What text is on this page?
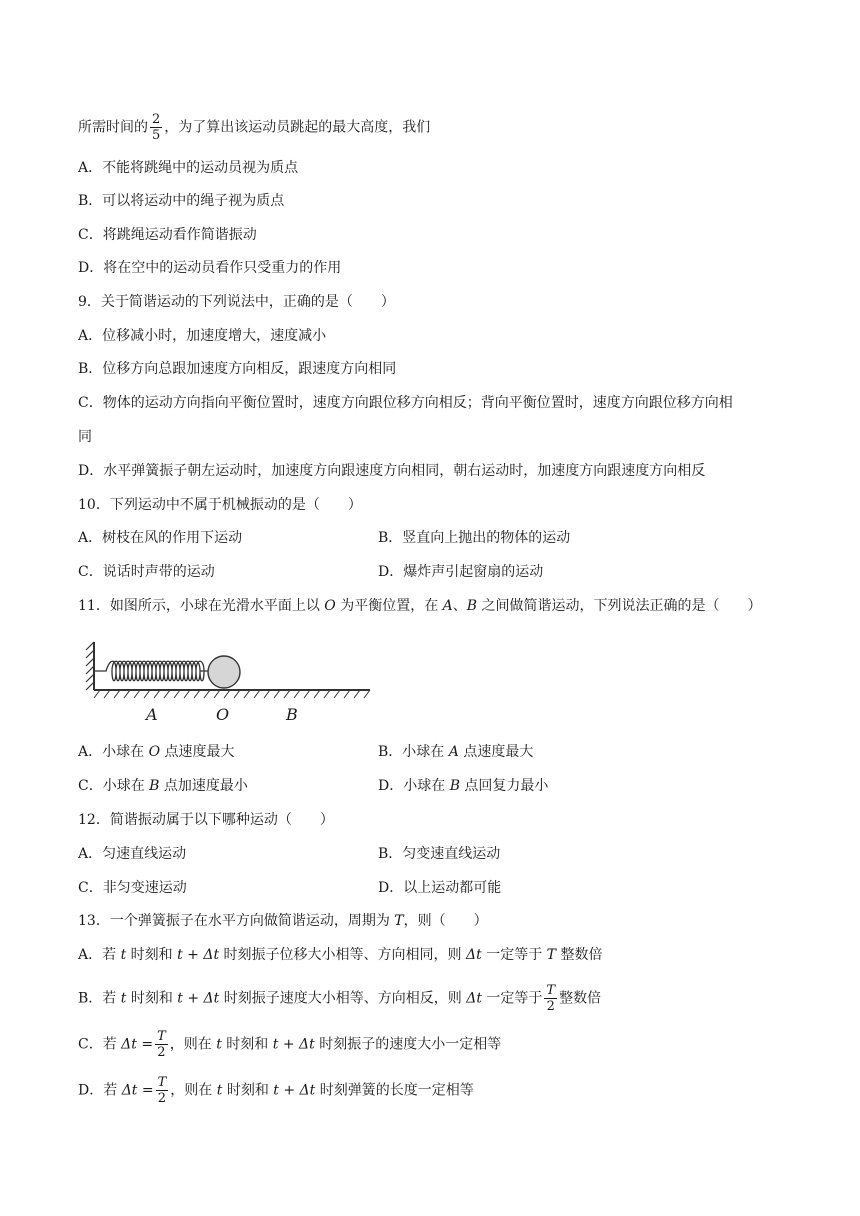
所需时间的 $\frac{2}{5}$ ，为了算出该运动员跳起的最大高度，我们
A．不能将跳绳中的运动员视为质点
B．可以将运动中的绳子视为质点
C．将跳绳运动看作简谐振动
D．将在空中的运动员看作只受重力的作用
9．关于简谐运动的下列说法中，正确的是（　　）
A．位移减小时，加速度增大，速度减小
B．位移方向总跟加速度方向相反，跟速度方向相同
C．物体的运动方向指向平衡位置时，速度方向跟位移方向相反；背向平衡位置时，速度方向跟位移方向相
同
D．水平弹簧振子朝左运动时，加速度方向跟速度方向相同，朝右运动时，加速度方向跟速度方向相反
10．下列运动中不属于机械振动的是（　　）
A．树枝在风的作用下运动	B．竖直向上抛出的物体的运动
C．说话时声带的运动	D．爆炸声引起窗扇的运动
11．如图所示，小球在光滑水平面上以 O 为平衡位置，在 A、B 之间做简谐运动，下列说法正确的是（　　）
A	O	B
A．小球在 O 点速度最大	B．小球在 A 点速度最大
C．小球在 B 点加速度最小	D．小球在 B 点回复力最小
12．简谐振动属于以下哪种运动（　　）
A．匀速直线运动	B．匀变速直线运动
C．非匀变速运动	D．以上运动都可能
13．一个弹簧振子在水平方向做简谐运动，周期为 T，则（　　）
A．若 t 时刻和 t + Δt 时刻振子位移大小相等、方向相同，则 Δt 一定等于 T 整数倍
B．若 t 时刻和 t + Δt 时刻振子速度大小相等、方向相反，则 Δt 一定等于 $\frac{T}{2}$ 整数倍
C．若 $\Delta t = \frac{T}{2}$ ，则在 t 时刻和 t + Δt 时刻振子的速度大小一定相等
D．若 $\Delta t = \frac{T}{2}$ ，则在 t 时刻和 t + Δt 时刻弹簧的长度一定相等
